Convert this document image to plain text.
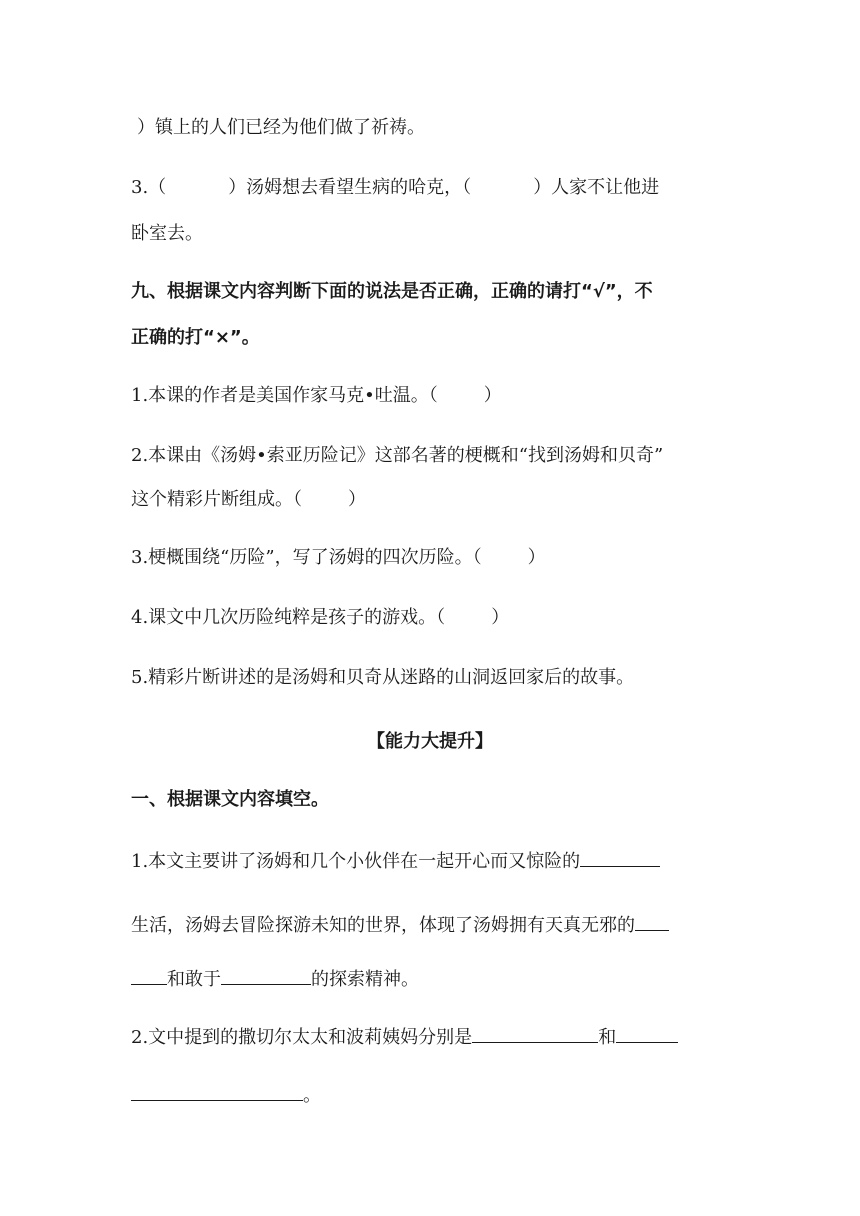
）镇上的人们已经为他们做了祈祷。
3.（	）汤姆想去看望生病的哈克，（	）人家不让他进
卧室去。
九、根据课文内容判断下面的说法是否正确，正确的请打“√”，不
正确的打“×”。
1.本课的作者是美国作家马克•吐温。（	）
2.本课由《汤姆•索亚历险记》这部名著的梗概和“找到汤姆和贝奇”
这个精彩片断组成。（	）
3.梗概围绕“历险”，写了汤姆的四次历险。（	）
4.课文中几次历险纯粹是孩子的游戏。（	）
5.精彩片断讲述的是汤姆和贝奇从迷路的山洞返回家后的故事。
【能力大提升】
一、根据课文内容填空。
1.本文主要讲了汤姆和几个小伙伴在一起开心而又惊险的
生活，汤姆去冒险探游未知的世界，体现了汤姆拥有天真无邪的
和敢于	的探索精神。
2.文中提到的撒切尔太太和波莉姨妈分别是	和
。
